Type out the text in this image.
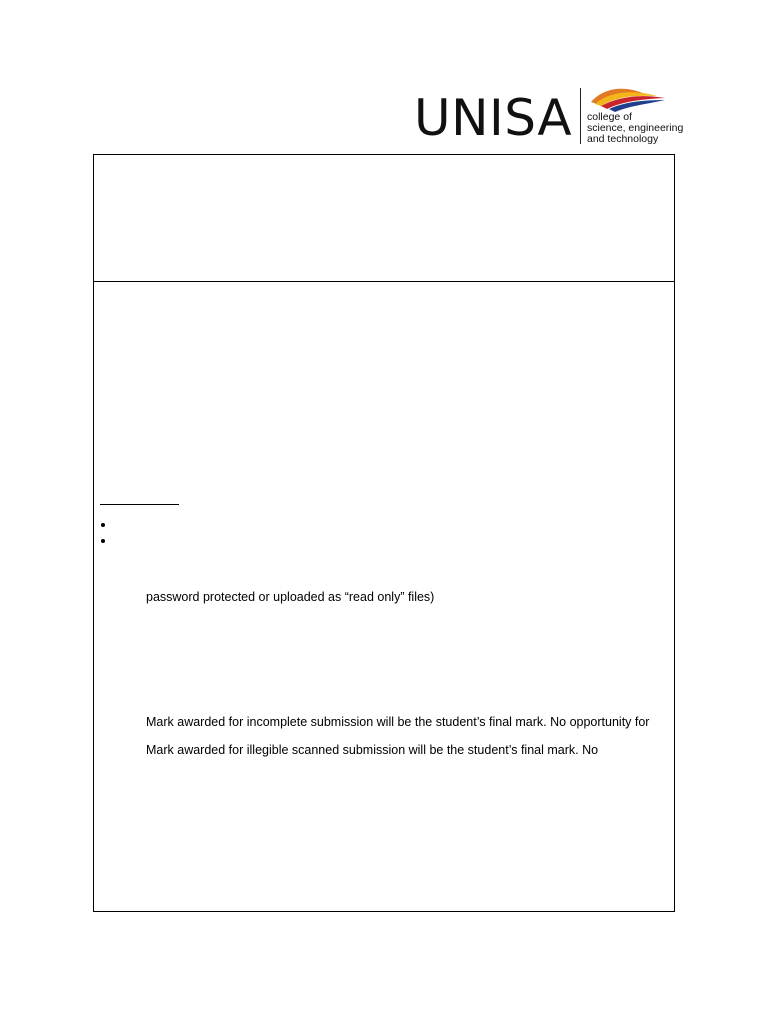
UNISA college of
science, engineering
and technology
password protected or uploaded as “read only” files)
Mark awarded for incomplete submission will be the student’s final mark. No opportunity for
Mark awarded for illegible scanned submission will be the student’s final mark. No
